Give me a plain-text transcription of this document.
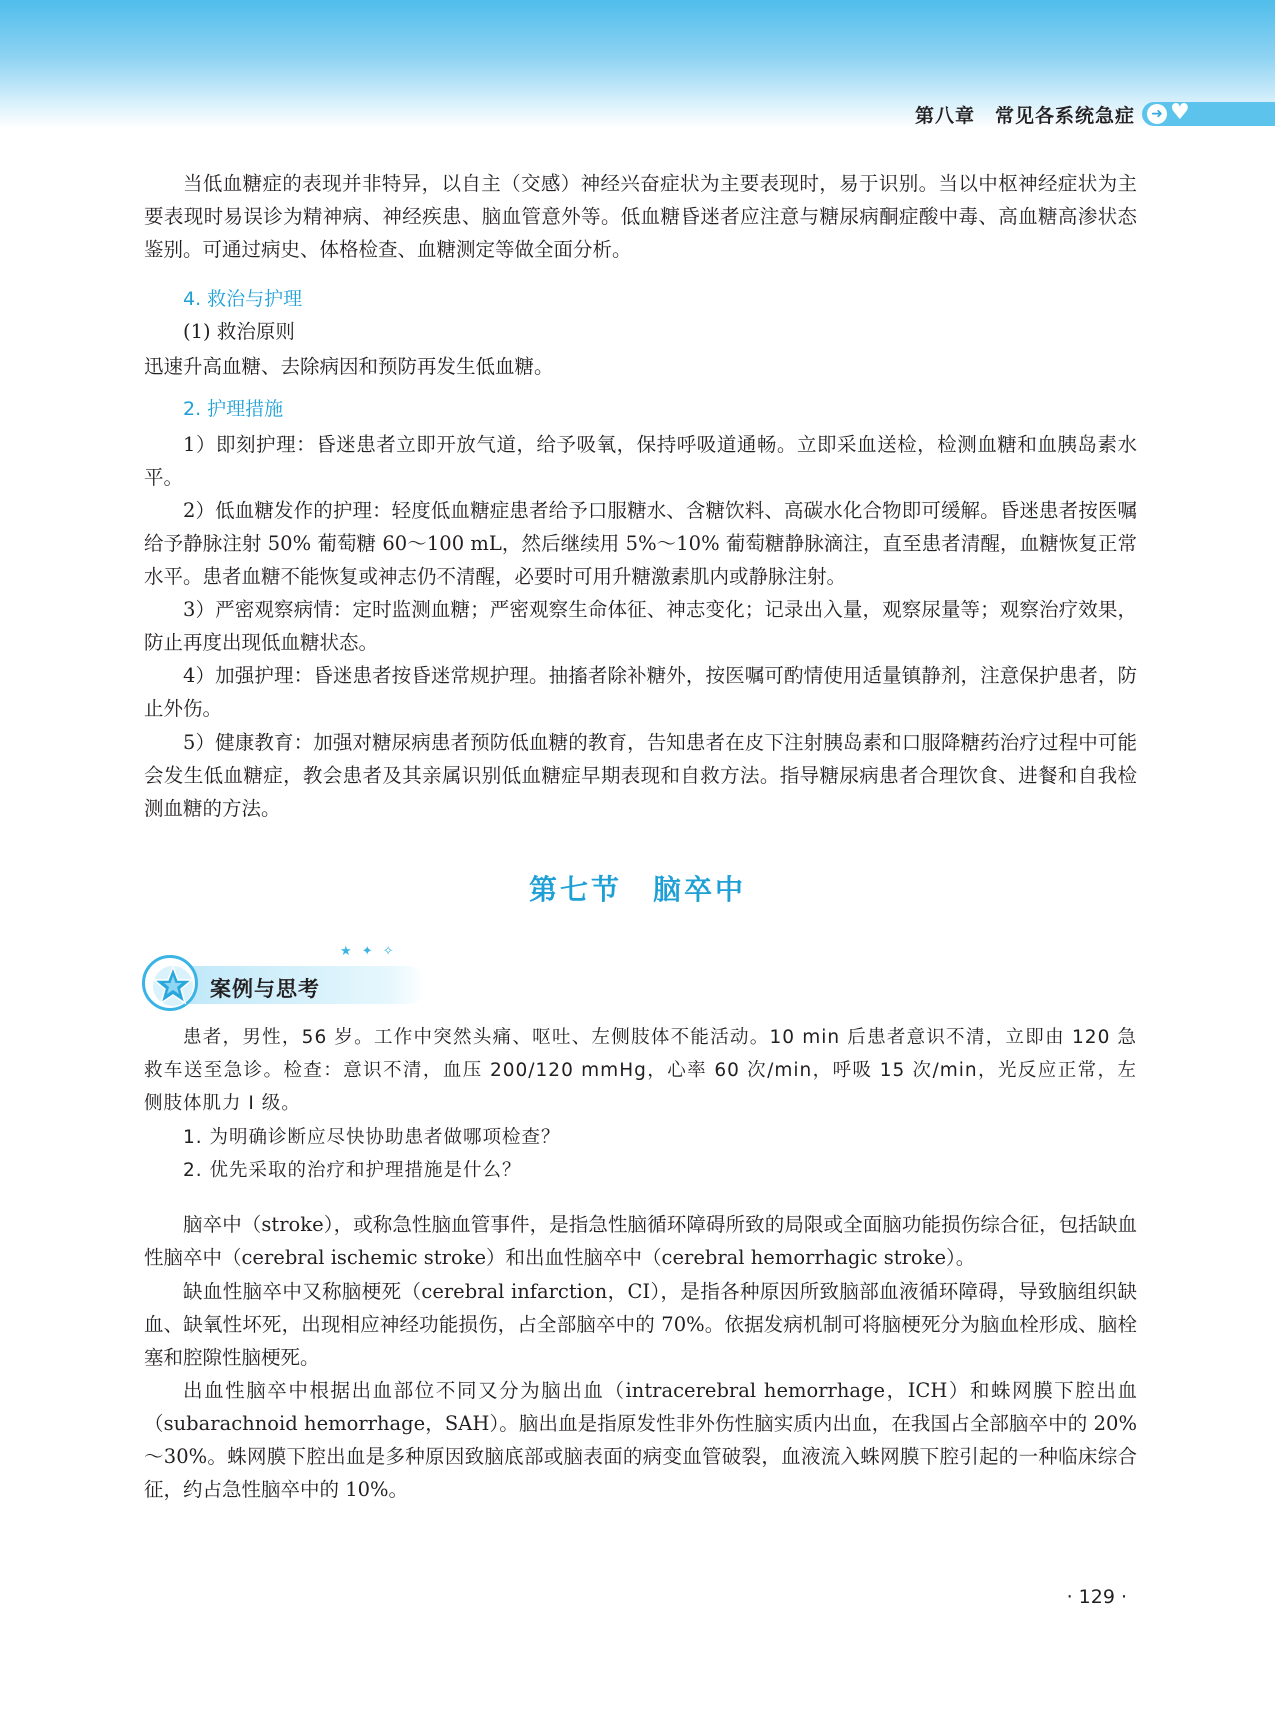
第八章　常见各系统急症 ➜ ♥

当低血糖症的表现并非特异，以自主（交感）神经兴奋症状为主要表现时，易于识别。当以中枢神经症状为主要表现时易误诊为精神病、神经疾患、脑血管意外等。低血糖昏迷者应注意与糖尿病酮症酸中毒、高血糖高渗状态鉴别。可通过病史、体格检查、血糖测定等做全面分析。

4. 救治与护理

(1) 救治原则

迅速升高血糖、去除病因和预防再发生低血糖。

2. 护理措施

1）即刻护理：昏迷患者立即开放气道，给予吸氧，保持呼吸道通畅。立即采血送检，检测血糖和血胰岛素水平。

2）低血糖发作的护理：轻度低血糖症患者给予口服糖水、含糖饮料、高碳水化合物即可缓解。昏迷患者按医嘱给予静脉注射 50% 葡萄糖 60～100 mL，然后继续用 5%～10% 葡萄糖静脉滴注，直至患者清醒，血糖恢复正常水平。患者血糖不能恢复或神志仍不清醒，必要时可用升糖激素肌内或静脉注射。

3）严密观察病情：定时监测血糖；严密观察生命体征、神志变化；记录出入量，观察尿量等；观察治疗效果，防止再度出现低血糖状态。

4）加强护理：昏迷患者按昏迷常规护理。抽搐者除补糖外，按医嘱可酌情使用适量镇静剂，注意保护患者，防止外伤。

5）健康教育：加强对糖尿病患者预防低血糖的教育，告知患者在皮下注射胰岛素和口服降糖药治疗过程中可能会发生低血糖症，教会患者及其亲属识别低血糖症早期表现和自救方法。指导糖尿病患者合理饮食、进餐和自我检测血糖的方法。

第七节　脑卒中
★ ✦ ✧
案例与思考

患者，男性，56 岁。工作中突然头痛、呕吐、左侧肢体不能活动。10 min 后患者意识不清，立即由 120 急救车送至急诊。检查：意识不清，血压 200/120 mmHg，心率 60 次/min，呼吸 15 次/min，光反应正常，左侧肢体肌力 Ⅰ 级。

1. 为明确诊断应尽快协助患者做哪项检查？

2. 优先采取的治疗和护理措施是什么？

脑卒中（stroke），或称急性脑血管事件，是指急性脑循环障碍所致的局限或全面脑功能损伤综合征，包括缺血性脑卒中（cerebral ischemic stroke）和出血性脑卒中（cerebral hemorrhagic stroke）。

缺血性脑卒中又称脑梗死（cerebral infarction，CI），是指各种原因所致脑部血液循环障碍，导致脑组织缺血、缺氧性坏死，出现相应神经功能损伤，占全部脑卒中的 70%。依据发病机制可将脑梗死分为脑血栓形成、脑栓塞和腔隙性脑梗死。

出血性脑卒中根据出血部位不同又分为脑出血（intracerebral hemorrhage，ICH）和蛛网膜下腔出血（subarachnoid hemorrhage，SAH）。脑出血是指原发性非外伤性脑实质内出血，在我国占全部脑卒中的 20%～30%。蛛网膜下腔出血是多种原因致脑底部或脑表面的病变血管破裂，血液流入蛛网膜下腔引起的一种临床综合征，约占急性脑卒中的 10%。

· 129 ·
